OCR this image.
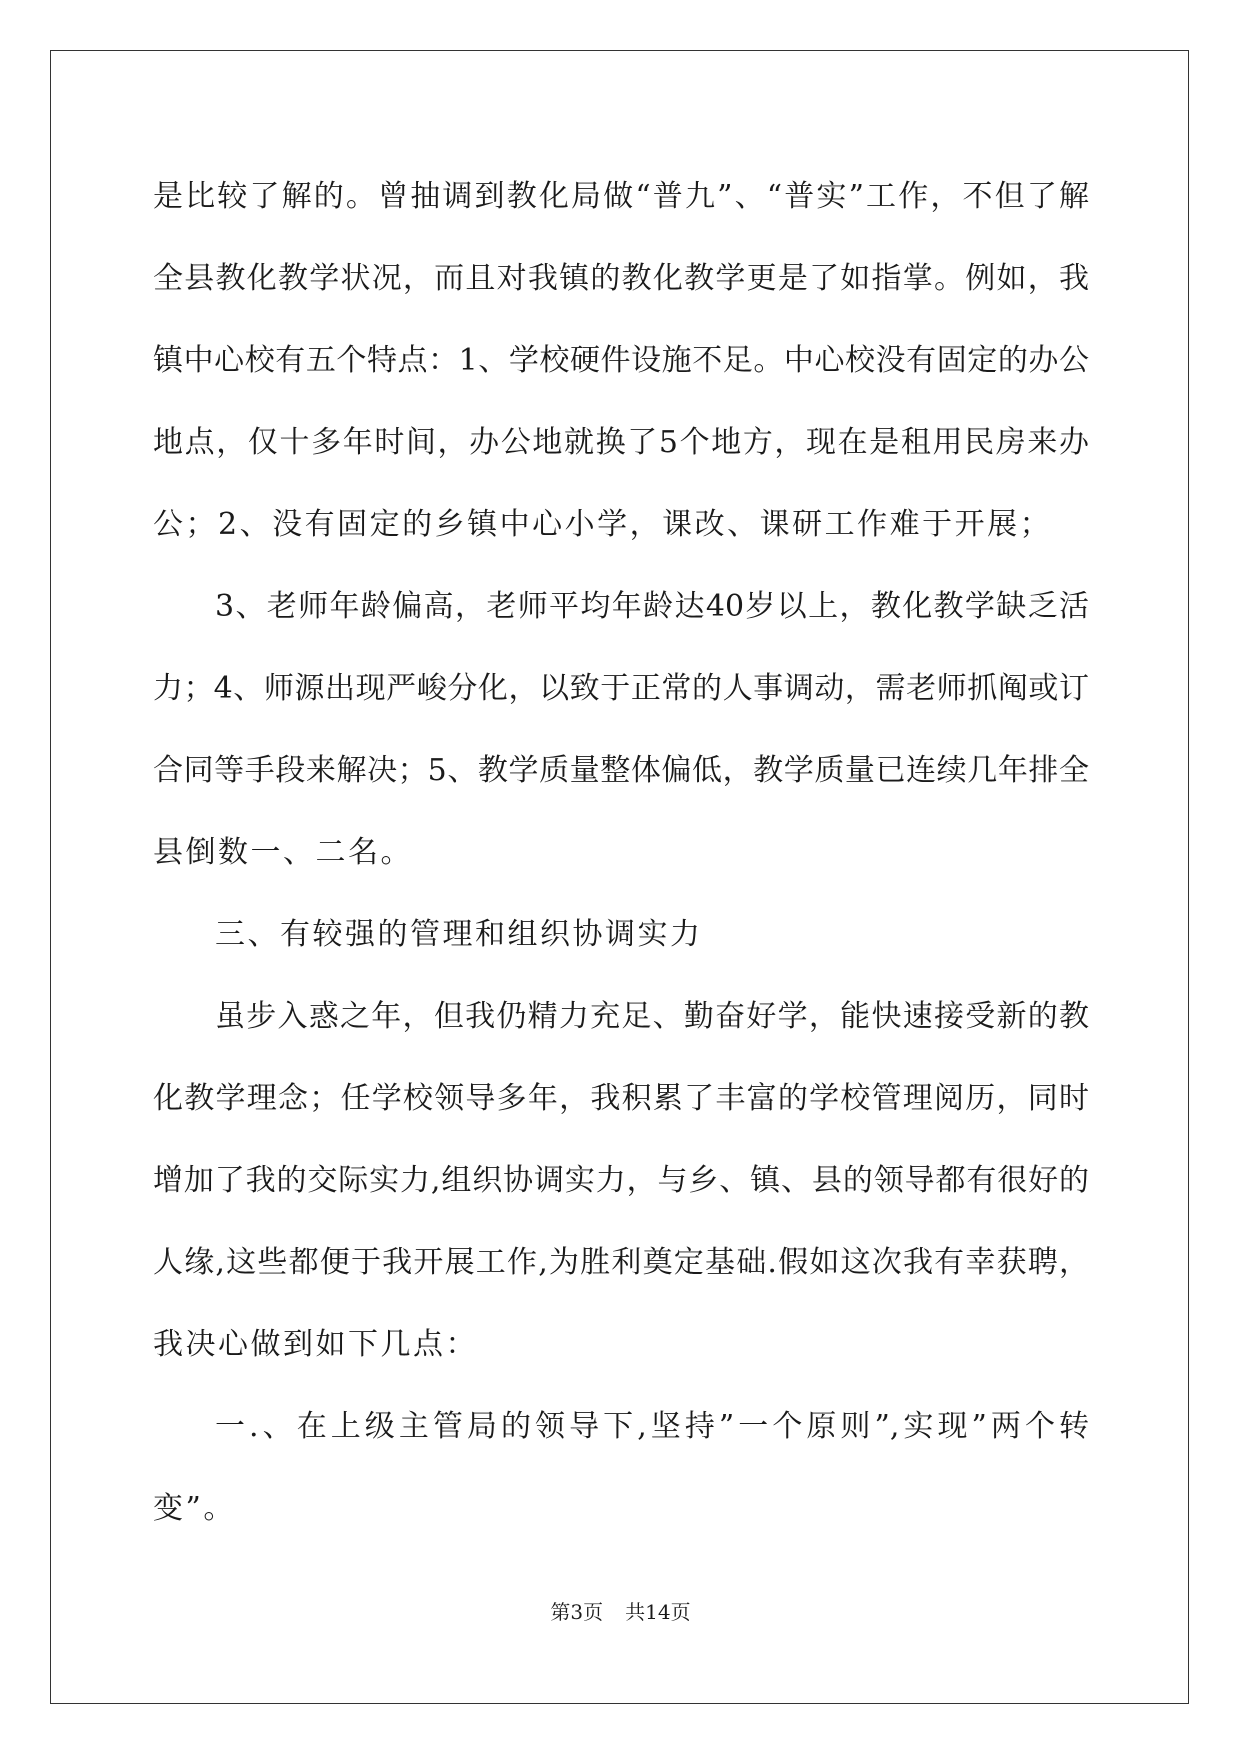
是比较了解的。曾抽调到教化局做“普九”、“普实”工作，不但了解
全县教化教学状况，而且对我镇的教化教学更是了如指掌。例如，我
镇中心校有五个特点：1、学校硬件设施不足。中心校没有固定的办公
地点，仅十多年时间，办公地就换了5个地方，现在是租用民房来办
公；2、没有固定的乡镇中心小学，课改、课研工作难于开展；
3、老师年龄偏高，老师平均年龄达40岁以上，教化教学缺乏活
力；4、师源出现严峻分化，以致于正常的人事调动，需老师抓阄或订
合同等手段来解决；5、教学质量整体偏低，教学质量已连续几年排全
县倒数一、二名。
三、有较强的管理和组织协调实力
虽步入惑之年，但我仍精力充足、勤奋好学，能快速接受新的教
化教学理念；任学校领导多年，我积累了丰富的学校管理阅历，同时
增加了我的交际实力,组织协调实力，与乡、镇、县的领导都有很好的
人缘,这些都便于我开展工作,为胜利奠定基础.假如这次我有幸获聘，
我决心做到如下几点：
一.、在上级主管局的领导下,坚持”一个原则”,实现”两个转
变”。
第3页 共14页
